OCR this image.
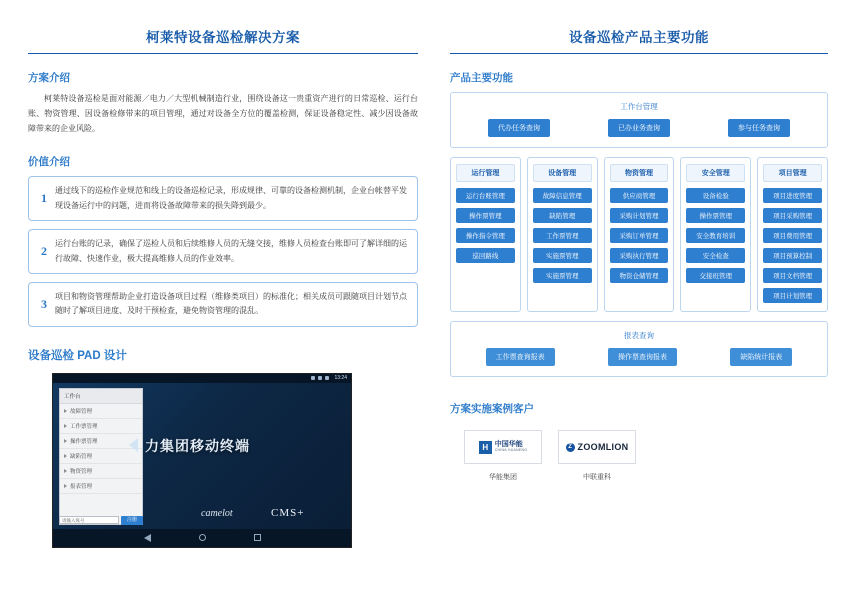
柯莱特设备巡检解决方案
方案介绍

柯莱特设备巡检是面对能源／电力／大型机械制造行业，围绕设备这一贵重资产进行的日常巡检、运行台账、物资管理、因设备检修带来的项目管理，通过对设备全方位的覆盖检测，保证设备稳定性、减少因设备故障带来的企业风险。

价值介绍
1
通过线下的巡检作业规范和线上的设备巡检记录，形成规律、可靠的设备检测机制，企业台帐替平发现设备运行中的问题，进而将设备故障带来的损失降到最少。
2
运行台账的记录，确保了巡检人员和后续维修人员的无缝交接，维修人员检查台账即可了解详细的运行故障、快速作业，极大提高维修人员的作业效率。
3
项目和物资管理帮助企业打造设备项目过程（维修类项目）的标准化；相关成员可跟随项目计划节点随时了解项目进度、及时干预检查，避免物资管理的混乱。
设备巡检 PAD 设计
13:24
工作台
故障管理
工作票管理
操作票管理
缺陷管理
物资管理
报表管理
力集团移动终端
camelot	CMS+
请输入账号	注册
设备巡检产品主要功能
产品主要功能
工作台管理
代办任务查询	已办业务查询	参与任务查询
运行管理
运行台账管理
操作票管理
操作指令管理
巡回路线
设备管理
故障信息管理
缺陷管理
工作票管理
实施票管理
实施票管理
物资管理
供应商管理
采购计划管理
采购订单管理
采购执行管理
物资仓储管理
安全管理
设备检验
操作票管理
安全教育培训
安全检查
交接班管理
项目管理
项目进度管理
项目采购管理
项目费用管理
项目预算控制
项目文档管理
项目计划管理
报表查询
工作票查询报表	操作票查询报表	缺陷统计报表
方案实施案例客户
H 中国华能
CHINA HUANENG
华能集团
Z ZOOMLION
中联重科
